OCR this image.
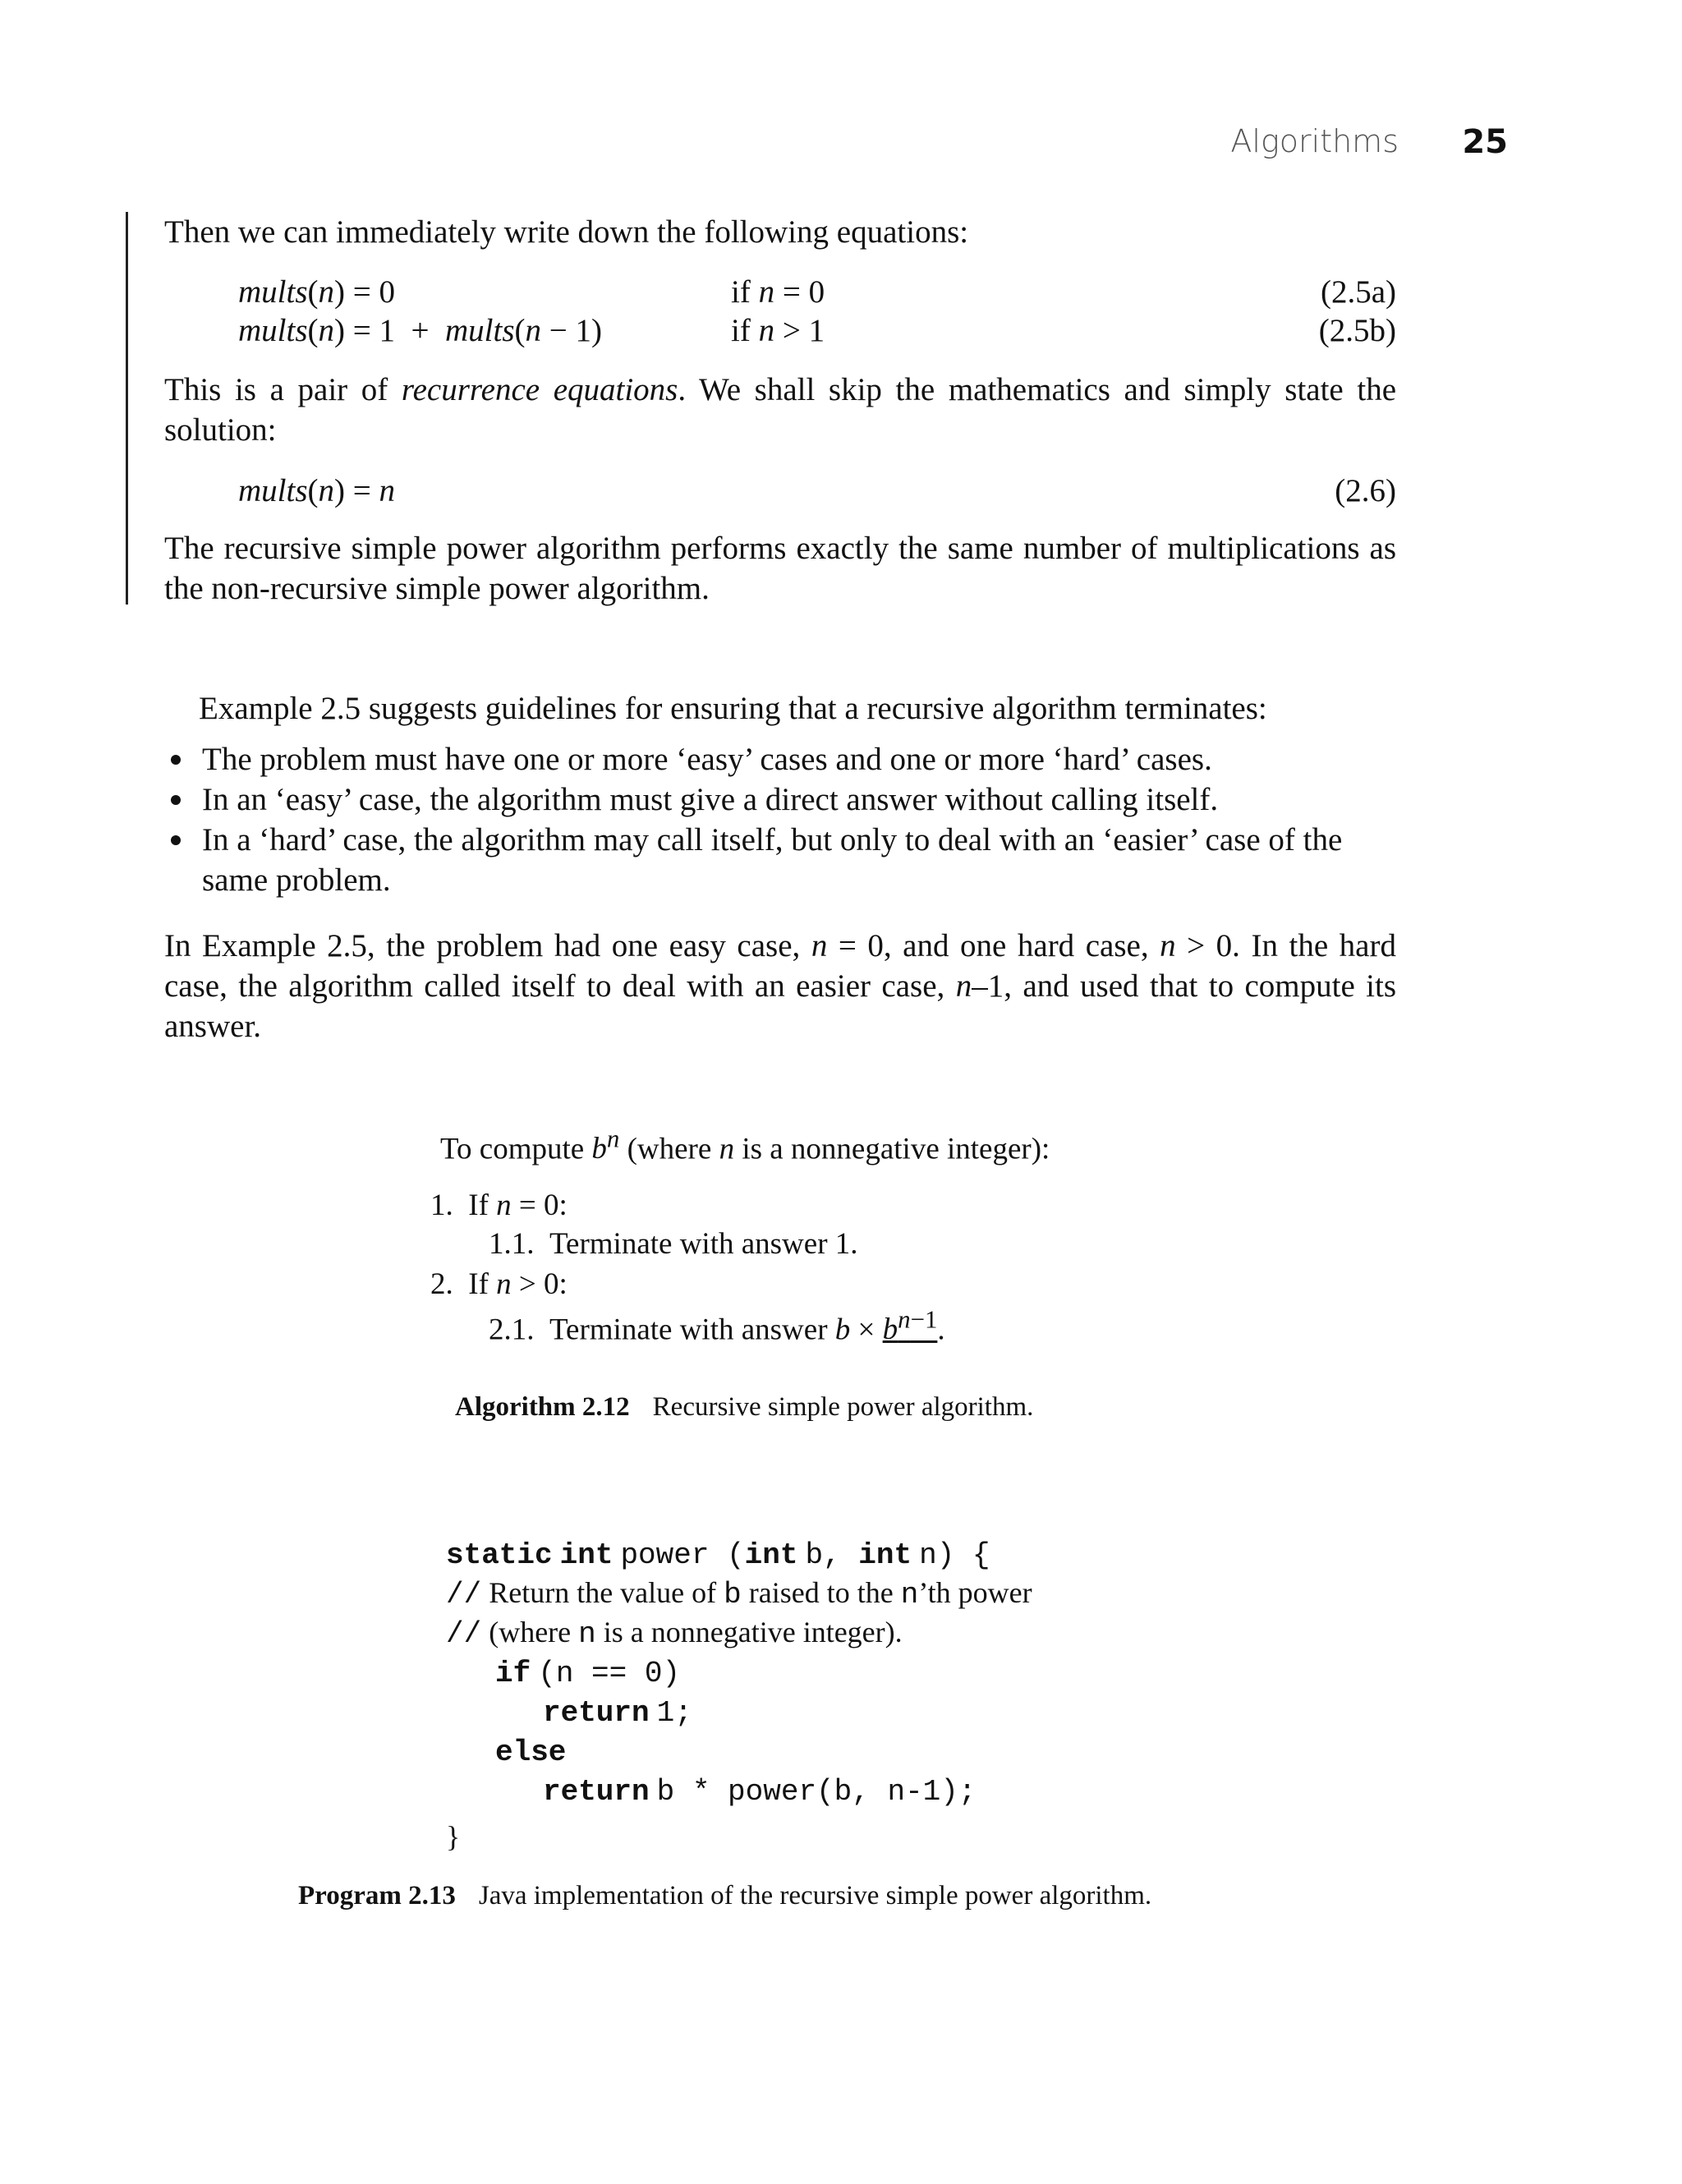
Algorithms 25
Then we can immediately write down the following equations:
mults(n) = 0	if n = 0	(2.5a)
mults(n) = 1  +  mults(n − 1)	if n > 1	(2.5b)
This is a pair of recurrence equations. We shall skip the mathematics and simply state the solution:
mults(n) = n	(2.6)
The recursive simple power algorithm performs exactly the same number of multiplications as the non-recursive simple power algorithm.
Example 2.5 suggests guidelines for ensuring that a recursive algorithm terminates:
The problem must have one or more ‘easy’ cases and one or more ‘hard’ cases.
In an ‘easy’ case, the algorithm must give a direct answer without calling itself.
In a ‘hard’ case, the algorithm may call itself, but only to deal with an ‘easier’ case of the same problem.
In Example 2.5, the problem had one easy case, n = 0, and one hard case, n > 0. In the hard case, the algorithm called itself to deal with an easier case, n–1, and used that to compute its answer.
To compute $b^n$ (where n is a nonnegative integer):
1.  If n = 0:
1.1. Terminate with answer 1.
2.  If n > 0:
2.1.  Terminate with answer $b \times b^{n-1}$.
Algorithm 2.12 Recursive simple power algorithm.
static int power (int b, int n) {
// Return the value of b raised to the n’th power
// (where n is a nonnegative integer).
if (n == 0)
return 1;
else
return b * power(b, n-1);
}
Program 2.13 Java implementation of the recursive simple power algorithm.
